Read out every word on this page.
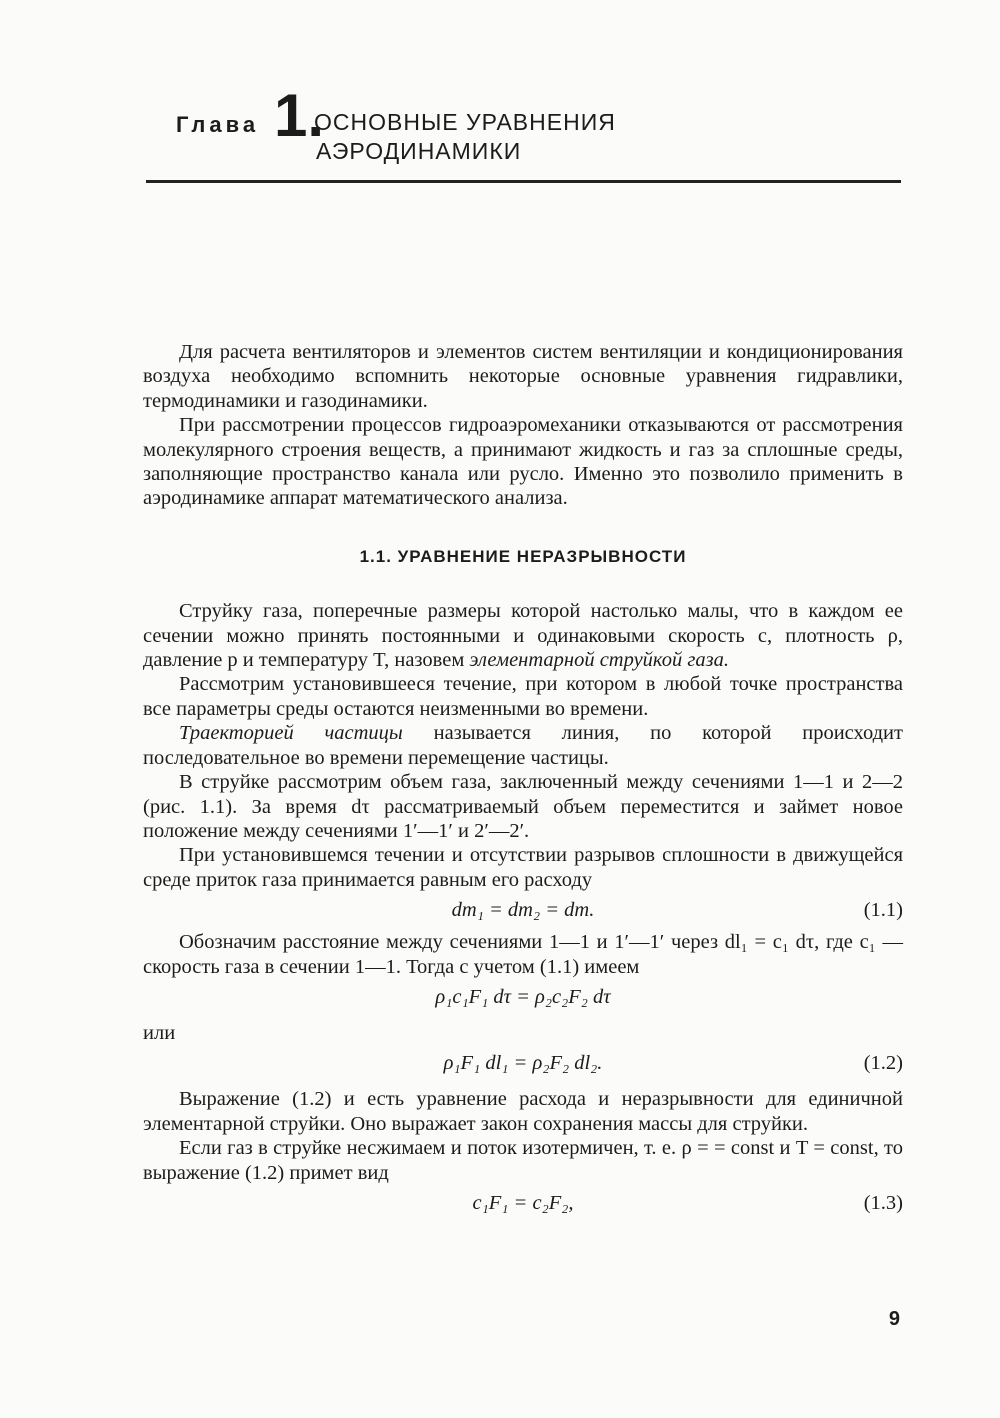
Глава 1.
ОСНОВНЫЕ УРАВНЕНИЯ
АЭРОДИНАМИКИ

Для расчета вентиляторов и элементов систем вентиляции и кондиционирования воздуха необходимо вспомнить некоторые основные уравнения гидравлики, термодинамики и газодинамики.

При рассмотрении процессов гидроаэромеханики отказываются от рассмотрения молекулярного строения веществ, а принимают жидкость и газ за сплошные среды, заполняющие пространство канала или русло. Именно это позволило применить в аэродинамике аппарат математического анализа.

1.1. УРАВНЕНИЕ НЕРАЗРЫВНОСТИ

Струйку газа, поперечные размеры которой настолько малы, что в каждом ее сечении можно принять постоянными и одинаковыми скорость c, плотность ρ, давление p и температуру T, назовем элементарной струйкой газа.

Рассмотрим установившееся течение, при котором в любой точке пространства все параметры среды остаются неизменными во времени.

Траекторией частицы называется линия, по которой происходит последовательное во времени перемещение частицы.

В струйке рассмотрим объем газа, заключенный между сечениями 1—1 и 2—2 (рис. 1.1). За время dτ рассматриваемый объем переместится и займет новое положение между сечениями 1′—1′ и 2′—2′.

При установившемся течении и отсутствии разрывов сплошности в движущейся среде приток газа принимается равным его расходу

dm₁ = dm₂ = dm.	(1.1)

Обозначим расстояние между сечениями 1—1 и 1′—1′ через dl₁ = c₁ dτ, где c₁ — скорость газа в сечении 1—1. Тогда с учетом (1.1) имеем

ρ₁c₁F₁ dτ = ρ₂c₂F₂ dτ

или

ρ₁F₁ dl₁ = ρ₂F₂ dl₂.	(1.2)

Выражение (1.2) и есть уравнение расхода и неразрывности для единичной элементарной струйки. Оно выражает закон сохранения массы для струйки.

Если газ в струйке несжимаем и поток изотермичен, т. е. ρ = = const и T = const, то выражение (1.2) примет вид

c₁F₁ = c₂F₂,	(1.3)
9
